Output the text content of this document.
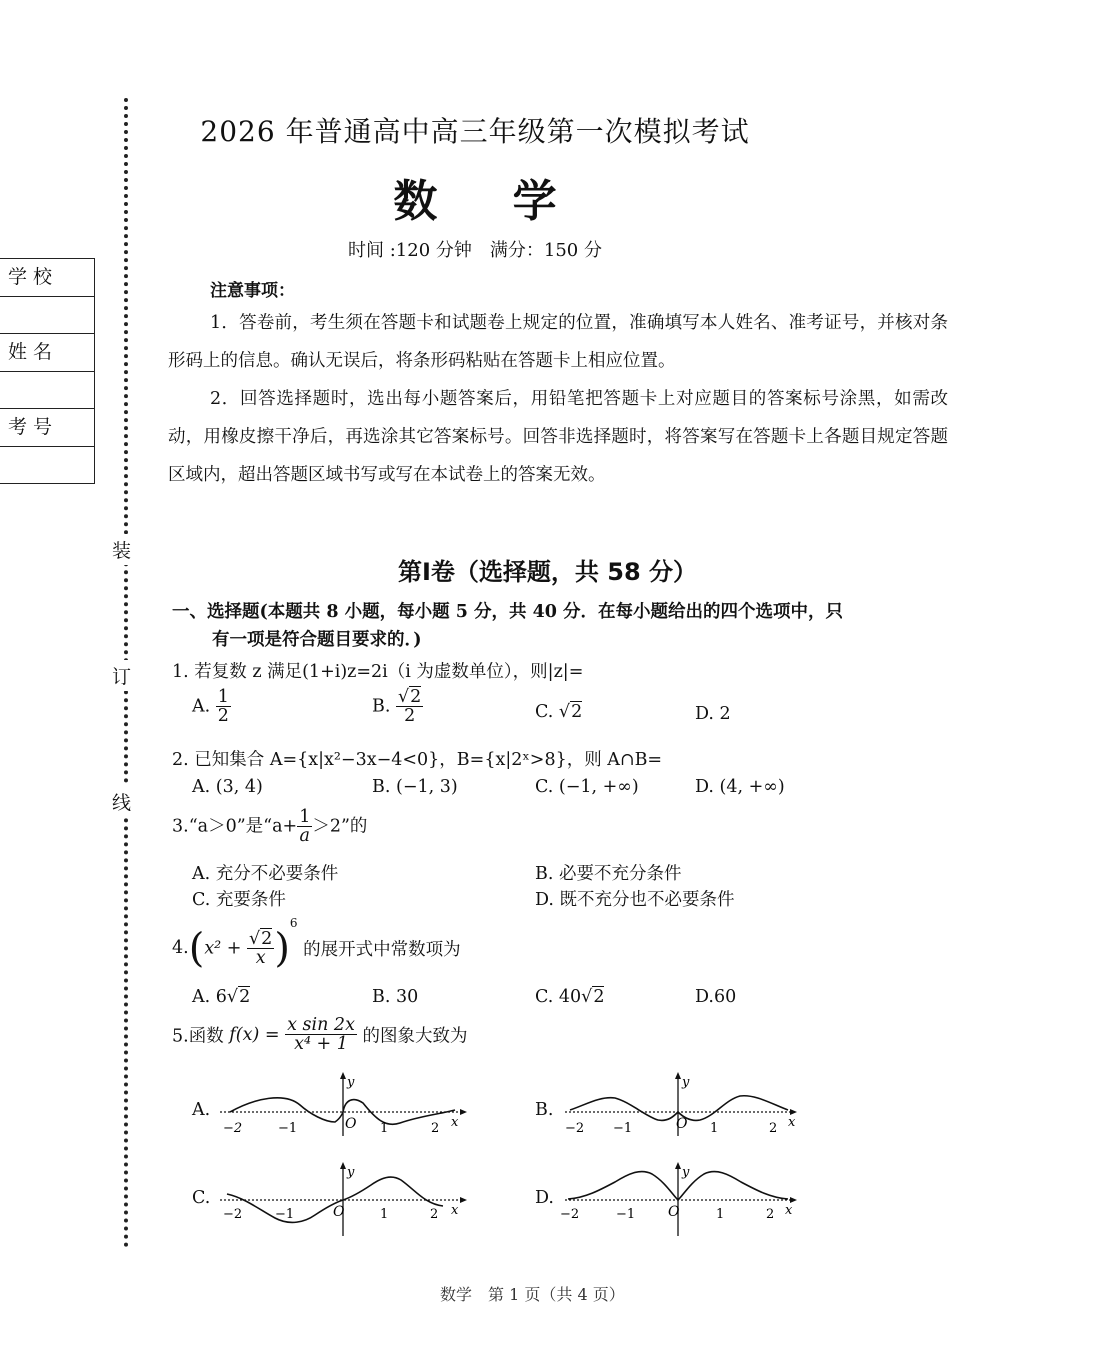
装
订
线
学 校
姓 名
考 号
2026 年普通高中高三年级第一次模拟考试
数 学
时间 :120 分钟　满分：150 分
注意事项：
1．答卷前，考生须在答题卡和试题卷上规定的位置，准确填写本人姓名、准考证号，并核对条形码上的信息。确认无误后，将条形码粘贴在答题卡上相应位置。
2．回答选择题时，选出每小题答案后，用铅笔把答题卡上对应题目的答案标号涂黑，如需改动，用橡皮擦干净后，再选涂其它答案标号。回答非选择题时，将答案写在答题卡上各题目规定答题区域内，超出答题区域书写或写在本试卷上的答案无效。
第Ⅰ卷（选择题，共 58 分）
一、选择题(本题共 8 小题，每小题 5 分，共 40 分．在每小题给出的四个选项中，只
有一项是符合题目要求的．)
1. 若复数 z 满足(1+i)z=2i（i 为虚数单位），则|z|=
A. $\frac{1}{2}$	B. $\frac{√2}{2}$	C. √2	D. 2
2. 已知集合 A={x|x²−3x−4<0}，B={x|2ˣ>8}，则 A∩B=
A. (3, 4)	B. (−1, 3)	C. (−1, +∞)	D. (4, +∞)
3.“a＞0”是“$a+ \frac{1}{a} >2$”的
A. 充分不必要条件	B. 必要不充分条件
C. 充要条件	D. 既不充分也不必要条件
$4.(x^2 + \frac{√2}{x} )^6$ 的展开式中常数项为
A. 6√2	B. 30	C. 40√2	D.60
5.函数 $f(x) = \frac{\text{x sin 2x}}{\text{x⁴ + 1}}$ 的图象大致为
A.	B.
C.	D.
−2	−1	O 1	2 x
y
−2 −1	O 1	2 x
y
−2	−1	O	1	2 x
y
−2	−1 O	1	2 x
y
数学　第 1 页（共 4 页）
